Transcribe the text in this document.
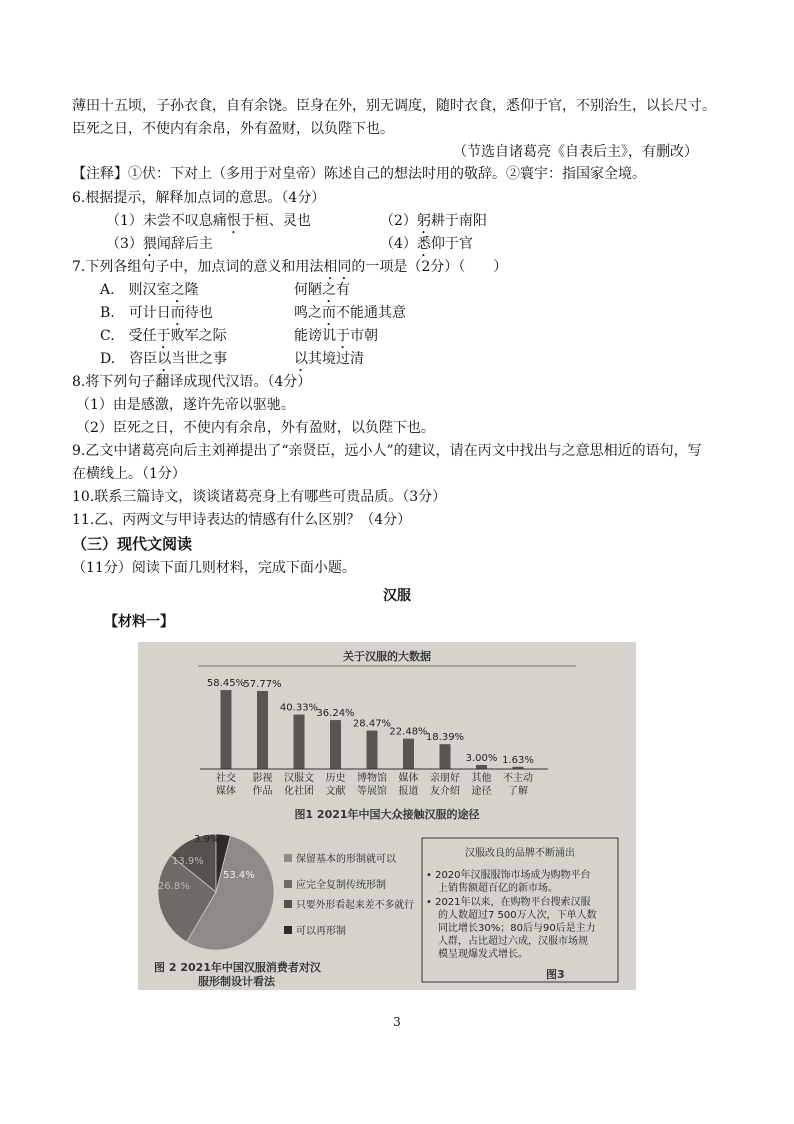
薄田十五顷，子孙衣食，自有余饶。臣身在外，别无调度，随时衣食，悉仰于官，不别治生，以长尺寸。
臣死之日，不使内有余帛，外有盈财，以负陛下也。
（节选自诸葛亮《自表后主》，有删改）
【注释】①伏：下对上（多用于对皇帝）陈述自己的想法时用的敬辞。②寰宇：指国家全境。
6.根据提示，解释加点词的意思。（4分）
（1）未尝不叹息痛恨于桓、灵也	（2）躬耕于南阳
（3）猥闻辞后主	（4）悉仰于官
7.下列各组句子中，加点词的意义和用法相同的一项是（2分）（　　）
A.　则汉室之隆	何陋之有
B.　可计日而待也	鸣之而不能通其意
C.　受任于败军之际	能谤讥于市朝
D.　咨臣以当世之事	以其境过清
8.将下列句子翻译成现代汉语。（4分）
（1）由是感激，遂许先帝以驱驰。
（2）臣死之日，不使内有余帛，外有盈财，以负陛下也。
9.乙文中诸葛亮向后主刘禅提出了“亲贤臣，远小人”的建议，请在丙文中找出与之意思相近的语句，写
在横线上。（1分）
10.联系三篇诗文，谈谈诸葛亮身上有哪些可贵品质。（3分）
11.乙、丙两文与甲诗表达的情感有什么区别？（4分）
（三）现代文阅读
（11分）阅读下面几则材料，完成下面小题。
汉服
【材料一】
关于汉服的大数据
58.45%
社交
媒体
57.77%
影视
作品
40.33%
汉服文
化社团
36.24%
历史
文献
28.47%
博物馆
等展馆
22.48%
媒体
报道
18.39%
亲朋好
友介绍
3.00%
其他
途径
1.63%
不主动
了解
图1 2021年中国大众接触汉服的途径
3.9%
53.4%
13.9%
26.8%
保留基本的形制就可以
应完全复制传统形制
只要外形看起来差不多就行
可以再形制
图 2 2021年中国汉服消费者对汉
服形制设计看法
汉服改良的品牌不断涌出
• 2020年汉服服饰市场成为购物平台
上销售额超百亿的新市场。
• 2021年以来，在购物平台搜索汉服
的人数超过7 500万人次，下单人数
同比增长30%；80后与90后是主力
人群，占比超过六成，汉服市场规
模呈现爆发式增长。
图3
3
